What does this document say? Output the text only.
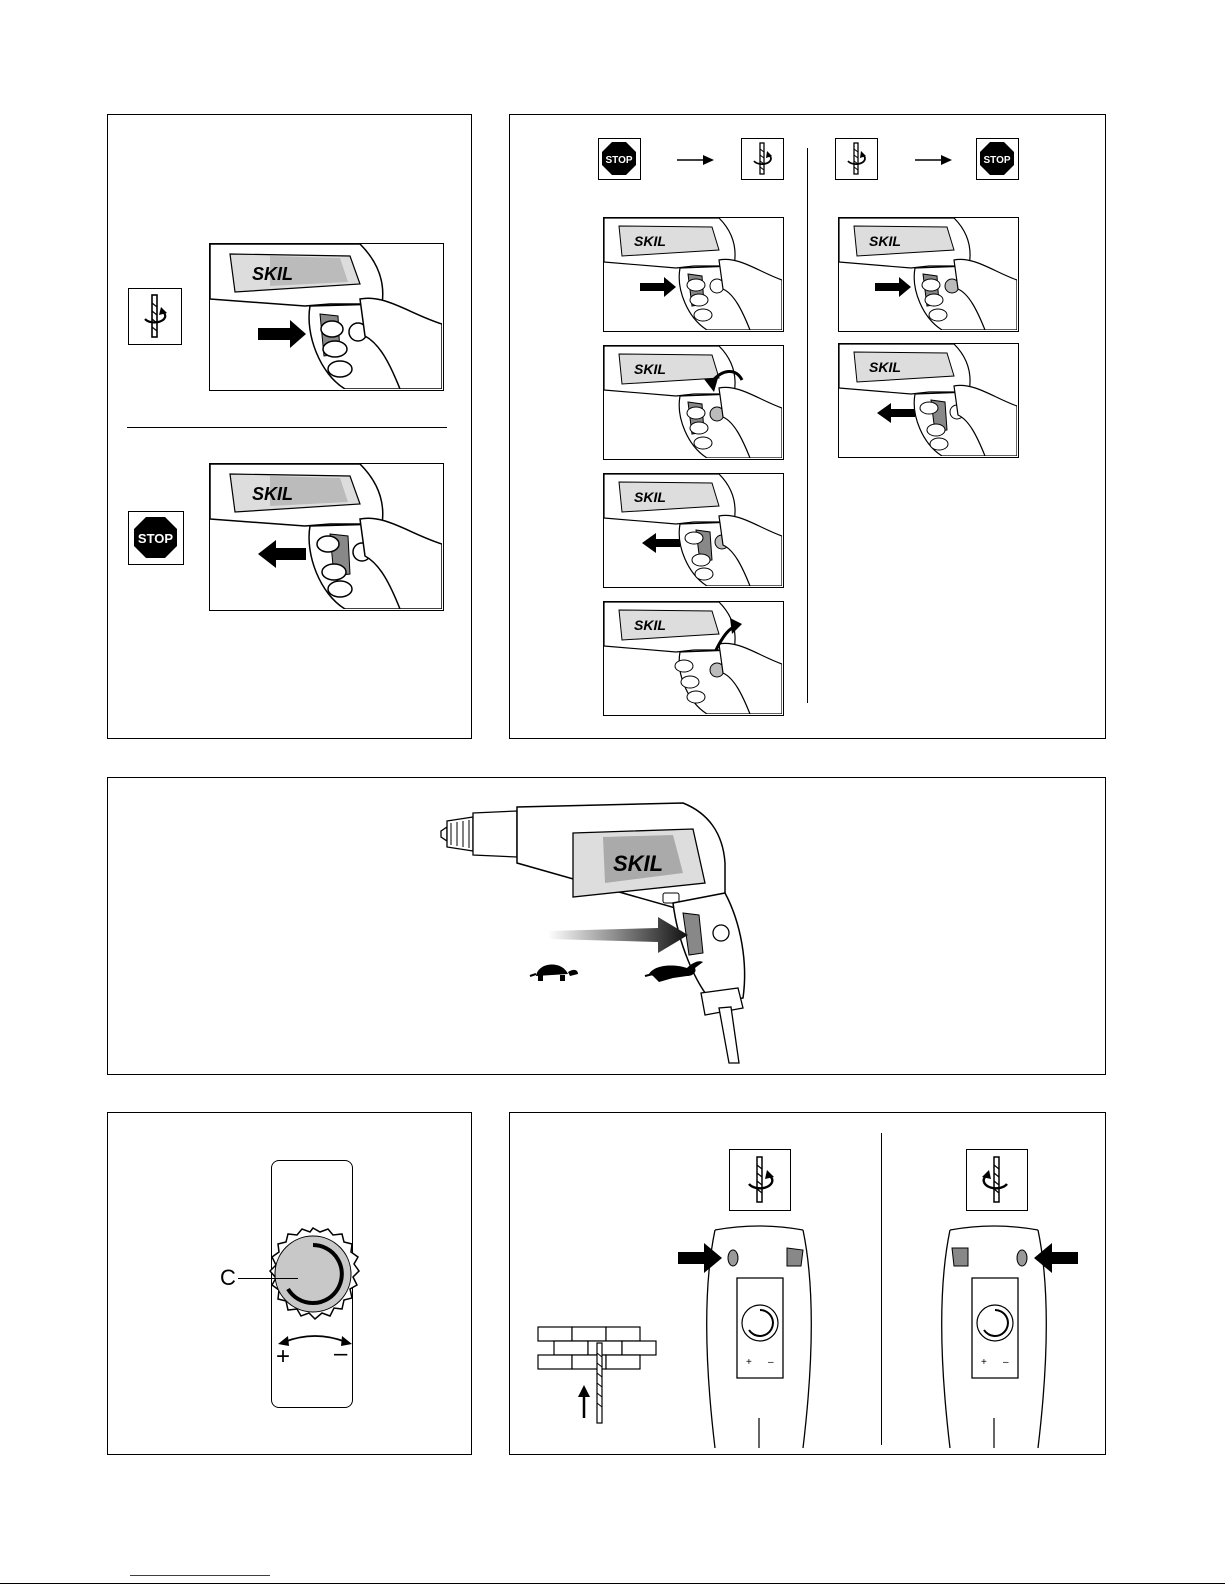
SKIL
STOP
SKIL
STOP	STOP
SKIL
SKIL
SKIL
SKIL
SKIL
SKIL
SKIL
C
+ –	+ –	+ –
